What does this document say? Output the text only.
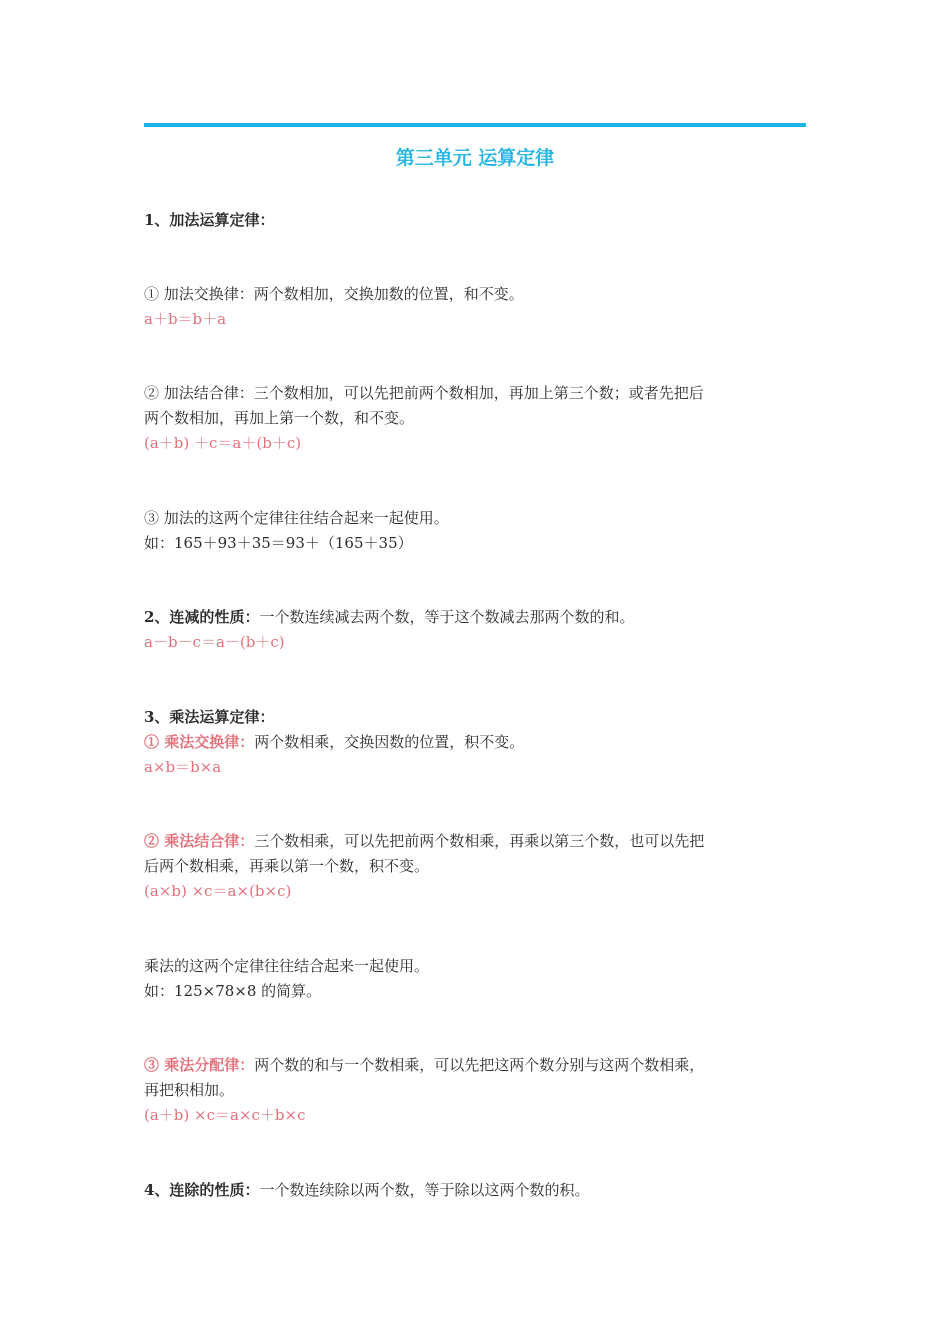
第三单元 运算定律
1、加法运算定律：
① 加法交换律：两个数相加，交换加数的位置，和不变。
a＋b＝b＋a
② 加法结合律：三个数相加，可以先把前两个数相加，再加上第三个数；或者先把后
两个数相加，再加上第一个数，和不变。
(a＋b) ＋c＝a＋(b＋c)
③ 加法的这两个定律往往结合起来一起使用。
如：165＋93＋35＝93＋（165＋35）
2、连减的性质：一个数连续减去两个数，等于这个数减去那两个数的和。
a－b－c＝a－(b＋c)
3、乘法运算定律：
① 乘法交换律：两个数相乘，交换因数的位置，积不变。
a×b＝b×a
② 乘法结合律：三个数相乘，可以先把前两个数相乘，再乘以第三个数，也可以先把
后两个数相乘，再乘以第一个数，积不变。
(a×b) ×c＝a×(b×c)
乘法的这两个定律往往结合起来一起使用。
如：125×78×8 的简算。
③ 乘法分配律：两个数的和与一个数相乘，可以先把这两个数分别与这两个数相乘，
再把积相加。
(a＋b) ×c＝a×c＋b×c
4、连除的性质：一个数连续除以两个数，等于除以这两个数的积。
